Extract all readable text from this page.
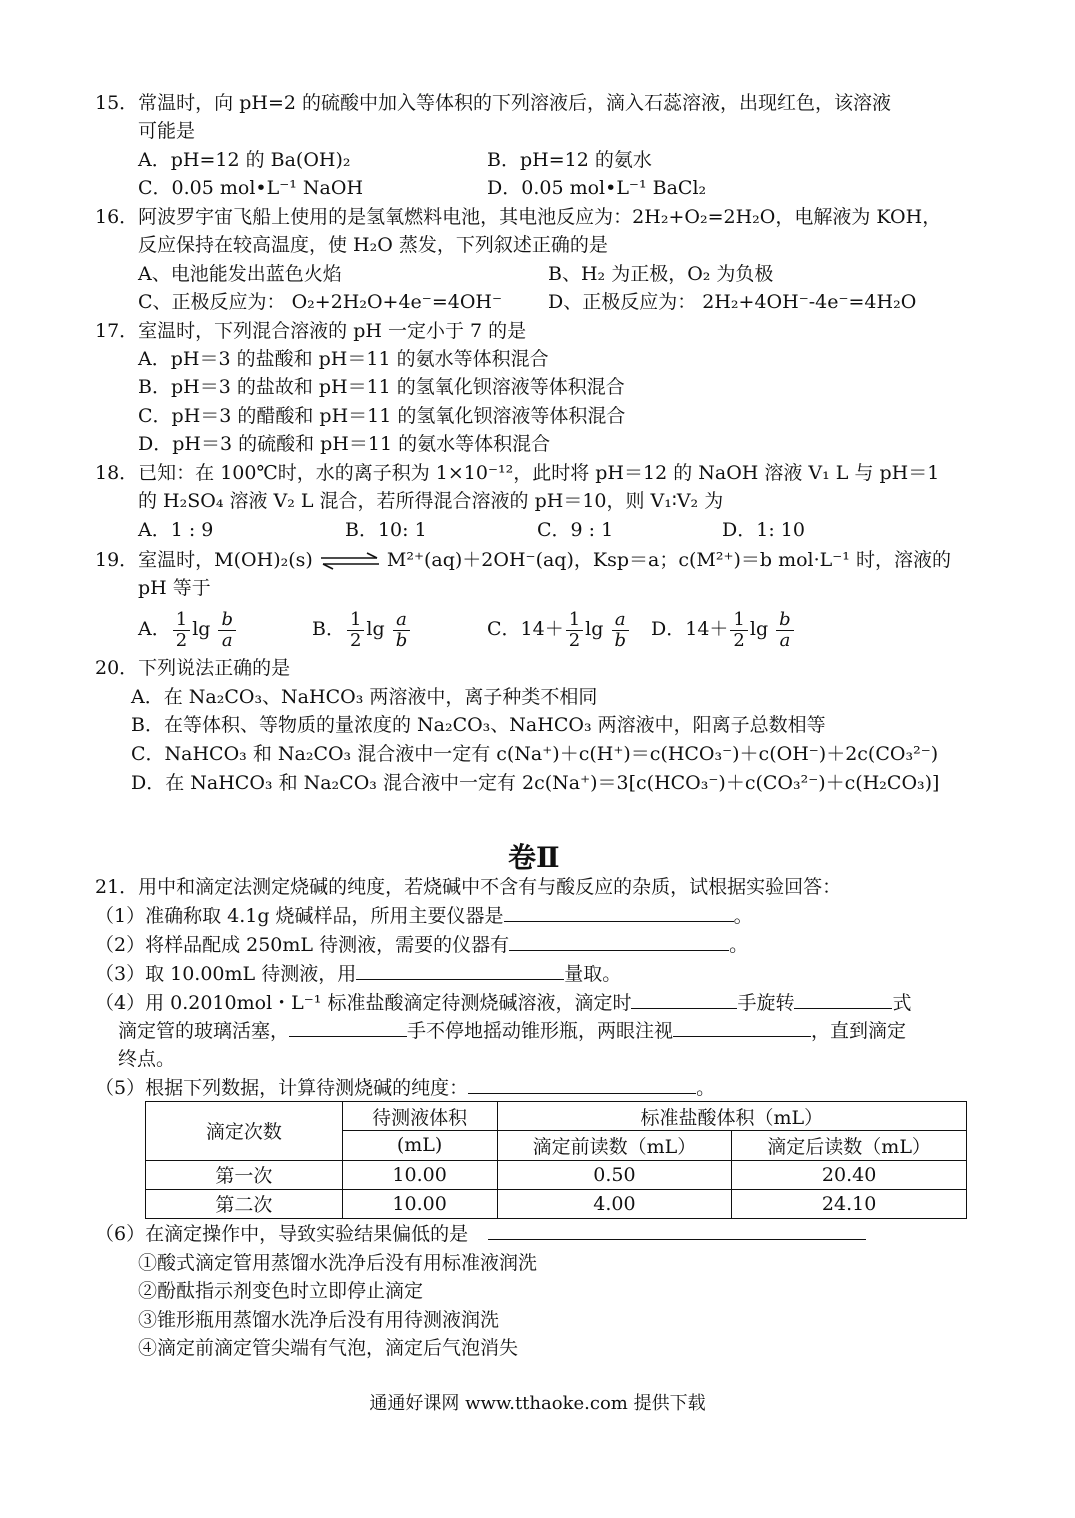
15．常温时，向 pH=2 的硫酸中加入等体积的下列溶液后，滴入石蕊溶液，出现红色，该溶液
可能是
A．pH=12 的 Ba(OH)₂	B．pH=12 的氨水
C．0.05 mol•L⁻¹ NaOH	D．0.05 mol•L⁻¹ BaCl₂
16．阿波罗宇宙飞船上使用的是氢氧燃料电池，其电池反应为：2H₂+O₂=2H₂O，电解液为 KOH，
反应保持在较高温度，使 H₂O 蒸发，下列叙述正确的是
A、电池能发出蓝色火焰	B、H₂ 为正极，O₂ 为负极
C、正极反应为： O₂+2H₂O+4e⁻=4OH⁻ D、正极反应为： 2H₂+4OH⁻-4e⁻=4H₂O
17．室温时，下列混合溶液的 pH 一定小于 7 的是
A．pH＝3 的盐酸和 pH＝11 的氨水等体积混合
B．pH＝3 的盐故和 pH＝11 的氢氧化钡溶液等体积混合
C．pH＝3 的醋酸和 pH＝11 的氢氧化钡溶液等体积混合
D．pH＝3 的硫酸和 pH＝11 的氨水等体积混合
18．已知：在 100℃时，水的离子积为 1×10⁻¹²，此时将 pH＝12 的 NaOH 溶液 V₁ L 与 pH＝1
的 H₂SO₄ 溶液 V₂ L 混合，若所得混合溶液的 pH＝10，则 V₁∶V₂ 为
A．1 : 9	B．10: 1	C．9 : 1	D．1: 10
19．室温时，M(OH)₂(s) ⇌ M²⁺(aq)＋2OH⁻(aq)，Ksp＝a；c(M²⁺)＝b mol·L⁻¹ 时，溶液的
pH 等于
A． $\frac{1}{2}$ $\lg \frac{b}{a}$	B． $\frac{1}{2}$ $\lg \frac{a}{b}$	C．$14+ \frac{1}{2}$ $\lg \frac{a}{b}$ D．$14+ \frac{1}{2}$ $\lg \frac{b}{a}$
20．下列说法正确的是
A．在 Na₂CO₃、NaHCO₃ 两溶液中，离子种类不相同
B．在等体积、等物质的量浓度的 Na₂CO₃、NaHCO₃ 两溶液中，阳离子总数相等
C．NaHCO₃ 和 Na₂CO₃ 混合液中一定有 c(Na⁺)＋c(H⁺)＝c(HCO₃⁻)＋c(OH⁻)＋2c(CO₃²⁻)
D．在 NaHCO₃ 和 Na₂CO₃ 混合液中一定有 2c(Na⁺)＝3[c(HCO₃⁻)＋c(CO₃²⁻)＋c(H₂CO₃)]
卷Ⅱ
21．用中和滴定法测定烧碱的纯度，若烧碱中不含有与酸反应的杂质，试根据实验回答：
（1）准确称取 4.1g 烧碱样品，所用主要仪器是	。
（2）将样品配成 250mL 待测液，需要的仪器有	。
（3）取 10.00mL 待测液，用	量取。
（4）用 0.2010mol・L⁻¹ 标准盐酸滴定待测烧碱溶液，滴定时	手旋转	式
滴定管的玻璃活塞，	手不停地摇动锥形瓶，两眼注视	，直到滴定
终点。
（5）根据下列数据，计算待测烧碱的纯度：	。
滴定次数	待测液体积	标准盐酸体积（mL）	
	(mL)	滴定前读数（mL）	滴定后读数（mL）
第一次	10.00	0.50	20.40
第二次	10.00	4.00	24.10
（6）在滴定操作中，导致实验结果偏低的是
①酸式滴定管用蒸馏水洗净后没有用标准液润洗
②酚酞指示剂变色时立即停止滴定
③锥形瓶用蒸馏水洗净后没有用待测液润洗
④滴定前滴定管尖端有气泡，滴定后气泡消失
通通好课网 www.tthaoke.com 提供下载
